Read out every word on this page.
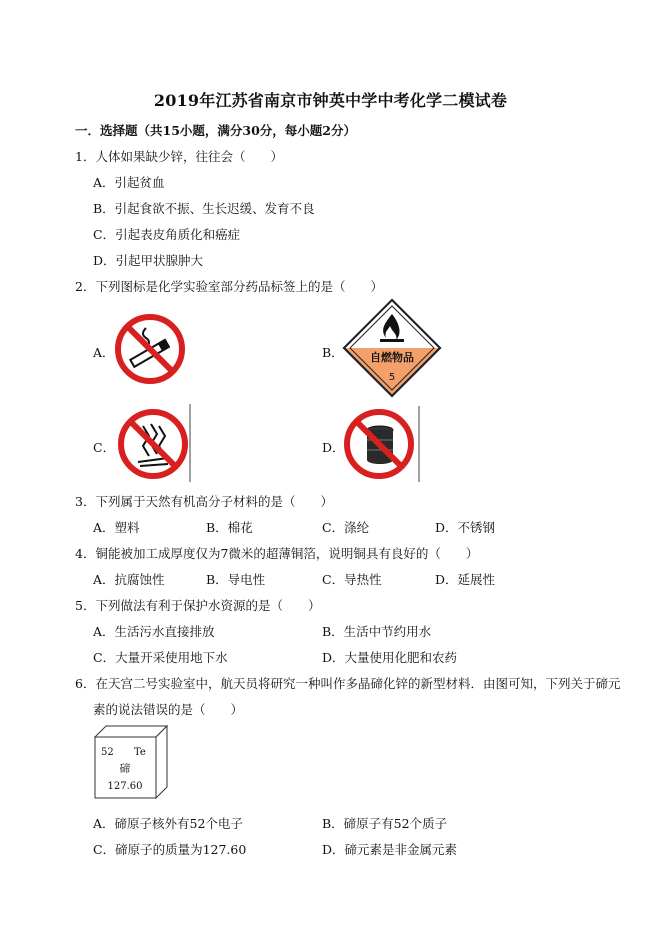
2019年江苏省南京市钟英中学中考化学二模试卷
一．选择题（共15小题，满分30分，每小题2分）
1．人体如果缺少锌，往往会（　　）
A．引起贫血
B．引起食欲不振、生长迟缓、发育不良
C．引起表皮角质化和癌症
D．引起甲状腺肿大
2．下列图标是化学实验室部分药品标签上的是（　　）
A．	B． 自燃物品
5
C．	D．
3．下列属于天然有机高分子材料的是（　　）
A．塑料	B．棉花	C．涤纶	D．不锈钢
4．铜能被加工成厚度仅为7微米的超薄铜箔，说明铜具有良好的（　　）
A．抗腐蚀性	B．导电性	C．导热性	D．延展性
5．下列做法有利于保护水资源的是（　　）
A．生活污水直接排放	B．生活中节约用水
C．大量开采使用地下水	D．大量使用化肥和农药
6．在天宫二号实验室中，航天员将研究一种叫作多晶碲化锌的新型材料．由图可知，下列关于碲元
素的说法错误的是（　　）
52 Te
碲
127.60
A．碲原子核外有52个电子	B．碲原子有52个质子
C．碲原子的质量为127.60	D．碲元素是非金属元素
